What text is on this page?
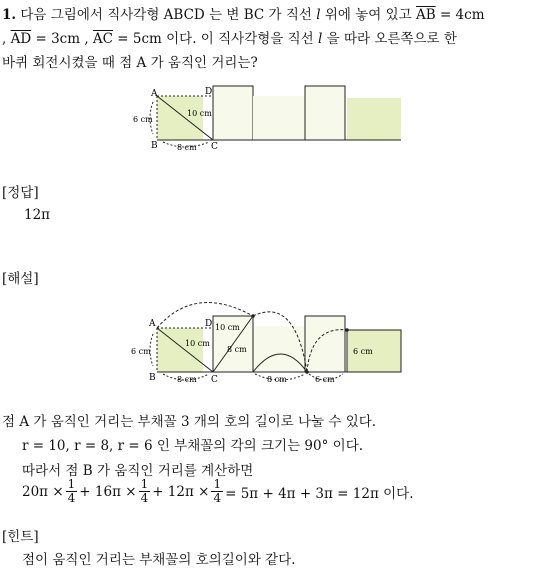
1. 다음 그림에서 직사각형 ABCD 는 변 BC 가 직선 l 위에 놓여 있고 $\overline{AB} = 4cm$
, $\overline{AD} = 3cm$ , $\overline{AC} = 5cm$ 이다. 이 직사각형을 직선 l 을 따라 오른쪽으로 한
바퀴 회전시켰을 때 점 A 가 움직인 거리는?
A
B	C
D
6 cm
10 cm
8 cm
[정답]
12π
[해설]
A
B	C
D
6 cm
10 cm
10 cm
8 cm
8 cm	8 cm	6 cm
6 cm
점 A 가 움직인 거리는 부채꼴 3 개의 호의 길이로 나눌 수 있다.
r = 10, r = 8, r = 6 인 부채꼴의 각의 크기는 90° 이다.
따라서 점 B 가 움직인 거리를 계산하면
$20\pi \times \frac{1}{4} + 16\pi \times \frac{1}{4} + 12\pi \times \frac{1}{4} = 5\pi + 4\pi + 3\pi = 12\pi$ 이다.
[힌트]
점이 움직인 거리는 부채꼴의 호의길이와 같다.
